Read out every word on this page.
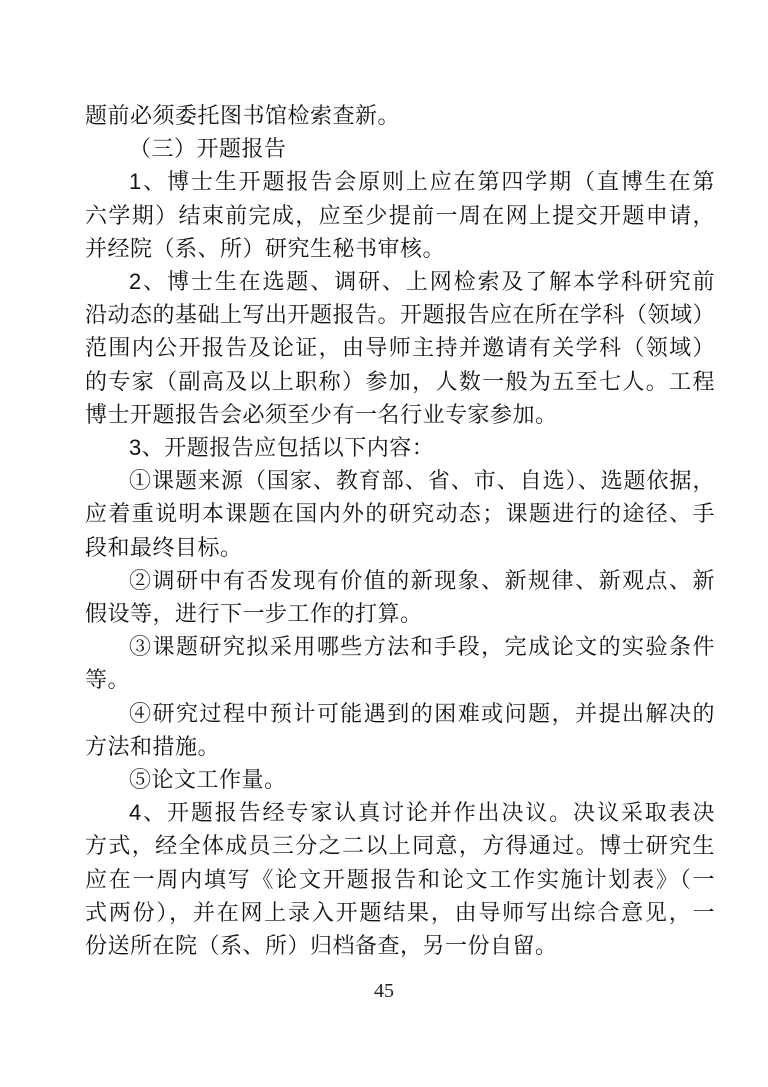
题前必须委托图书馆检索查新。
（三）开题报告
1、博士生开题报告会原则上应在第四学期（直博生在第
六学期）结束前完成，应至少提前一周在网上提交开题申请，
并经院（系、所）研究生秘书审核。
2、博士生在选题、调研、上网检索及了解本学科研究前
沿动态的基础上写出开题报告。开题报告应在所在学科（领域）
范围内公开报告及论证，由导师主持并邀请有关学科（领域）
的专家（副高及以上职称）参加，人数一般为五至七人。工程
博士开题报告会必须至少有一名行业专家参加。
3、开题报告应包括以下内容：
①课题来源（国家、教育部、省、市、自选）、选题依据，
应着重说明本课题在国内外的研究动态；课题进行的途径、手
段和最终目标。
②调研中有否发现有价值的新现象、新规律、新观点、新
假设等，进行下一步工作的打算。
③课题研究拟采用哪些方法和手段，完成论文的实验条件
等。
④研究过程中预计可能遇到的困难或问题，并提出解决的
方法和措施。
⑤论文工作量。
4、开题报告经专家认真讨论并作出决议。决议采取表决
方式，经全体成员三分之二以上同意，方得通过。博士研究生
应在一周内填写《论文开题报告和论文工作实施计划表》（一
式两份），并在网上录入开题结果，由导师写出综合意见，一
份送所在院（系、所）归档备查，另一份自留。
45
